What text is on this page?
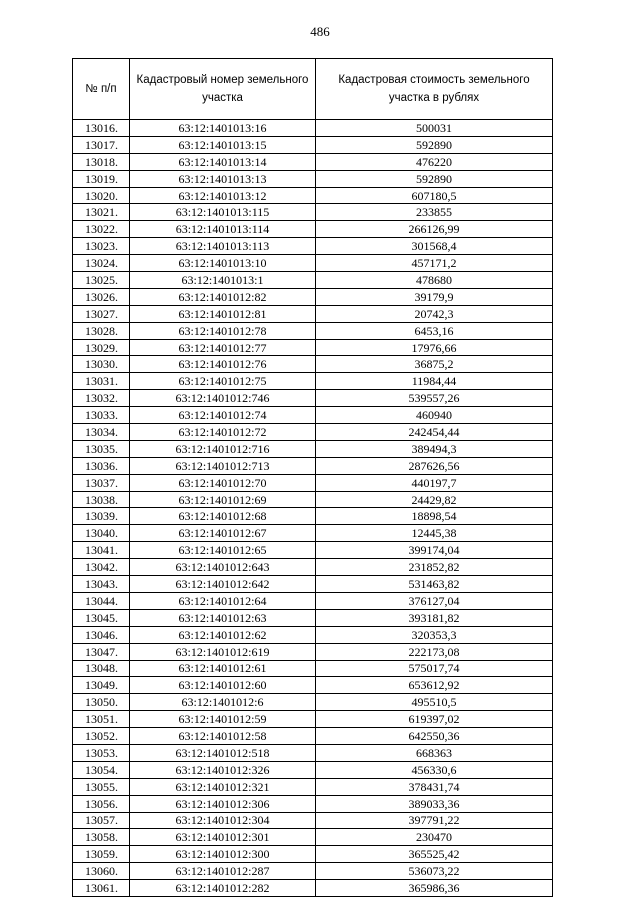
486
№ п/п	Кадастровый номер земельного участка	Кадастровая стоимость земельного участка в рублях
13016.	63:12:1401013:16	500031
13017.	63:12:1401013:15	592890
13018.	63:12:1401013:14	476220
13019.	63:12:1401013:13	592890
13020.	63:12:1401013:12	607180,5
13021.	63:12:1401013:115	233855
13022.	63:12:1401013:114	266126,99
13023.	63:12:1401013:113	301568,4
13024.	63:12:1401013:10	457171,2
13025.	63:12:1401013:1	478680
13026.	63:12:1401012:82	39179,9
13027.	63:12:1401012:81	20742,3
13028.	63:12:1401012:78	6453,16
13029.	63:12:1401012:77	17976,66
13030.	63:12:1401012:76	36875,2
13031.	63:12:1401012:75	11984,44
13032.	63:12:1401012:746	539557,26
13033.	63:12:1401012:74	460940
13034.	63:12:1401012:72	242454,44
13035.	63:12:1401012:716	389494,3
13036.	63:12:1401012:713	287626,56
13037.	63:12:1401012:70	440197,7
13038.	63:12:1401012:69	24429,82
13039.	63:12:1401012:68	18898,54
13040.	63:12:1401012:67	12445,38
13041.	63:12:1401012:65	399174,04
13042.	63:12:1401012:643	231852,82
13043.	63:12:1401012:642	531463,82
13044.	63:12:1401012:64	376127,04
13045.	63:12:1401012:63	393181,82
13046.	63:12:1401012:62	320353,3
13047.	63:12:1401012:619	222173,08
13048.	63:12:1401012:61	575017,74
13049.	63:12:1401012:60	653612,92
13050.	63:12:1401012:6	495510,5
13051.	63:12:1401012:59	619397,02
13052.	63:12:1401012:58	642550,36
13053.	63:12:1401012:518	668363
13054.	63:12:1401012:326	456330,6
13055.	63:12:1401012:321	378431,74
13056.	63:12:1401012:306	389033,36
13057.	63:12:1401012:304	397791,22
13058.	63:12:1401012:301	230470
13059.	63:12:1401012:300	365525,42
13060.	63:12:1401012:287	536073,22
13061.	63:12:1401012:282	365986,36
